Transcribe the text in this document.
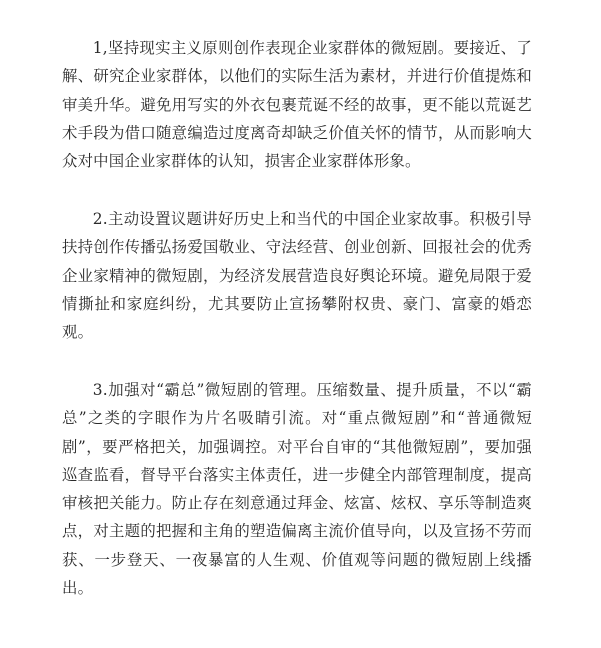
1,坚持现实主义原则创作表现企业家群体的微短剧。要接近、了解、研究企业家群体，以他们的实际生活为素材，并进行价值提炼和审美升华。避免用写实的外衣包裹荒诞不经的故事，更不能以荒诞艺术手段为借口随意编造过度离奇却缺乏价值关怀的情节，从而影响大众对中国企业家群体的认知，损害企业家群体形象。

2.主动设置议题讲好历史上和当代的中国企业家故事。积极引导扶持创作传播弘扬爱国敬业、守法经营、创业创新、回报社会的优秀企业家精神的微短剧，为经济发展营造良好舆论环境。避免局限于爱情撕扯和家庭纠纷，尤其要防止宣扬攀附权贵、豪门、富豪的婚恋观。

3.加强对“霸总”微短剧的管理。压缩数量、提升质量，不以“霸总”之类的字眼作为片名吸睛引流。对“重点微短剧”和“普通微短剧”，要严格把关，加强调控。对平台自审的“其他微短剧”，要加强巡查监看，督导平台落实主体责任，进一步健全内部管理制度，提高审核把关能力。防止存在刻意通过拜金、炫富、炫权、享乐等制造爽点，对主题的把握和主角的塑造偏离主流价值导向，以及宣扬不劳而获、一步登天、一夜暴富的人生观、价值观等问题的微短剧上线播出。
